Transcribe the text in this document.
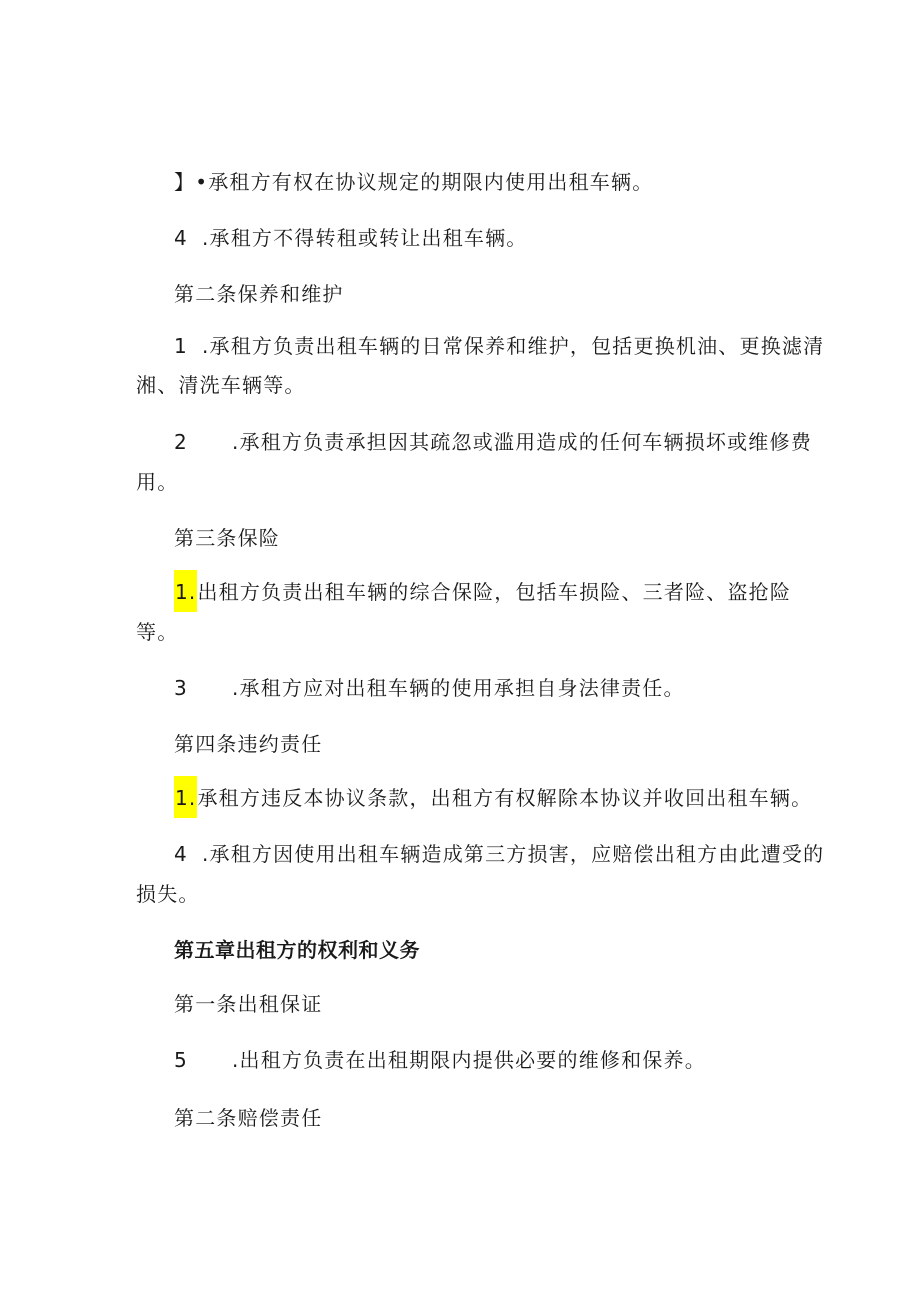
】•承租方有权在协议规定的期限内使用出租车辆。

4 .承租方不得转租或转让出租车辆。

第二条保养和维护

1 .承租方负责出租车辆的日常保养和维护，包括更换机油、更换滤清

湘、清洗车辆等。

2 .承租方负责承担因其疏忽或滥用造成的任何车辆损坏或维修费

用。

第三条保险

1.出租方负责出租车辆的综合保险，包括车损险、三者险、盗抢险

等。

3 .承租方应对出租车辆的使用承担自身法律责任。

第四条违约责任

1.承租方违反本协议条款，出租方有权解除本协议并收回出租车辆。

4 .承租方因使用出租车辆造成第三方损害，应赔偿出租方由此遭受的

损失。

第五章出租方的权利和义务

第一条出租保证

5 .出租方负责在出租期限内提供必要的维修和保养。

第二条赔偿责任
